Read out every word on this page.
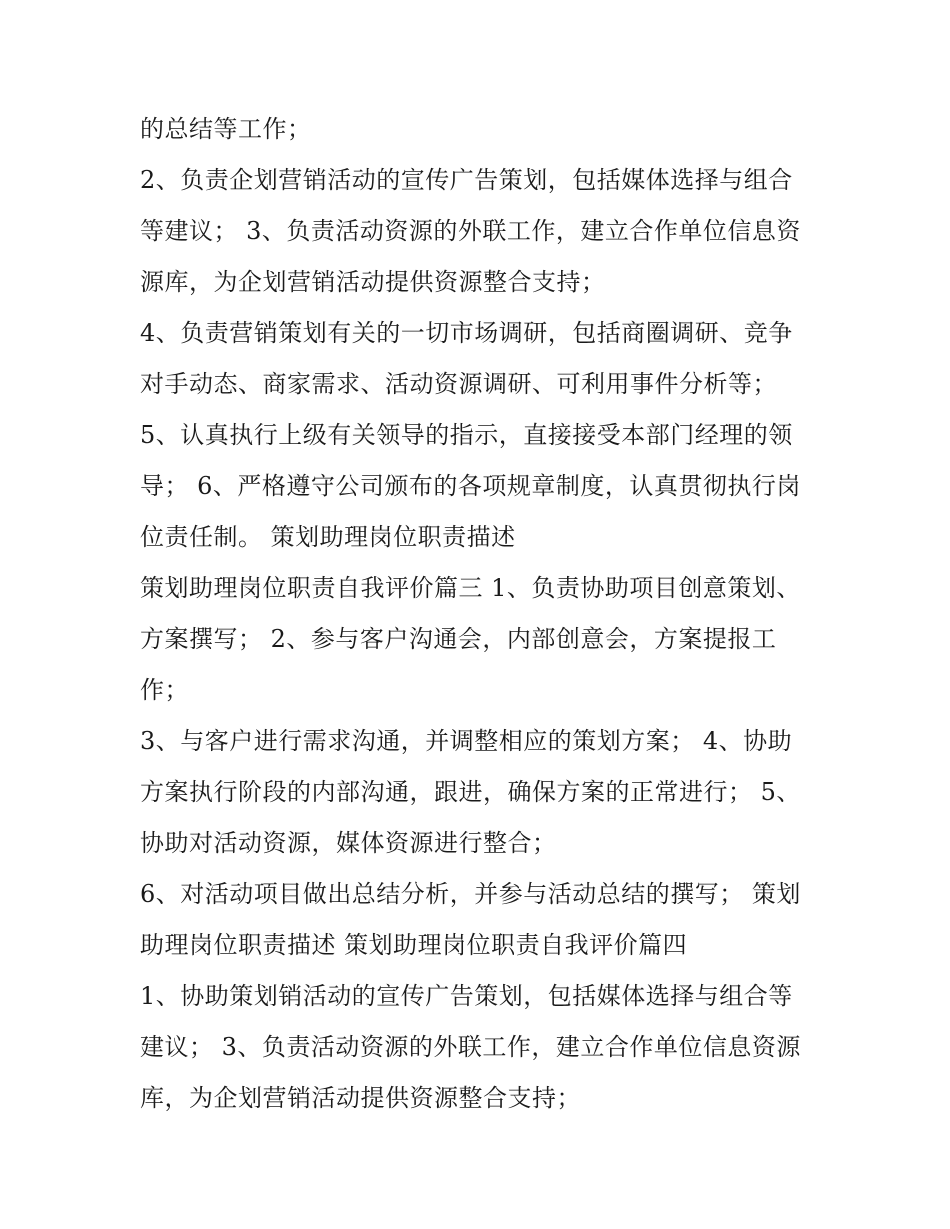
的总结等工作；
2、负责企划营销活动的宣传广告策划，包括媒体选择与组合
等建议； 3、负责活动资源的外联工作，建立合作单位信息资
源库，为企划营销活动提供资源整合支持；
4、负责营销策划有关的一切市场调研，包括商圈调研、竞争
对手动态、商家需求、活动资源调研、可利用事件分析等；
5、认真执行上级有关领导的指示，直接接受本部门经理的领
导； 6、严格遵守公司颁布的各项规章制度，认真贯彻执行岗
位责任制。 策划助理岗位职责描述
策划助理岗位职责自我评价篇三 1、负责协助项目创意策划、
方案撰写； 2、参与客户沟通会，内部创意会，方案提报工
作；
3、与客户进行需求沟通，并调整相应的策划方案； 4、协助
方案执行阶段的内部沟通，跟进，确保方案的正常进行； 5、
协助对活动资源，媒体资源进行整合；
6、对活动项目做出总结分析，并参与活动总结的撰写； 策划
助理岗位职责描述 策划助理岗位职责自我评价篇四
1、协助策划销活动的宣传广告策划，包括媒体选择与组合等
建议； 3、负责活动资源的外联工作，建立合作单位信息资源
库，为企划营销活动提供资源整合支持；
